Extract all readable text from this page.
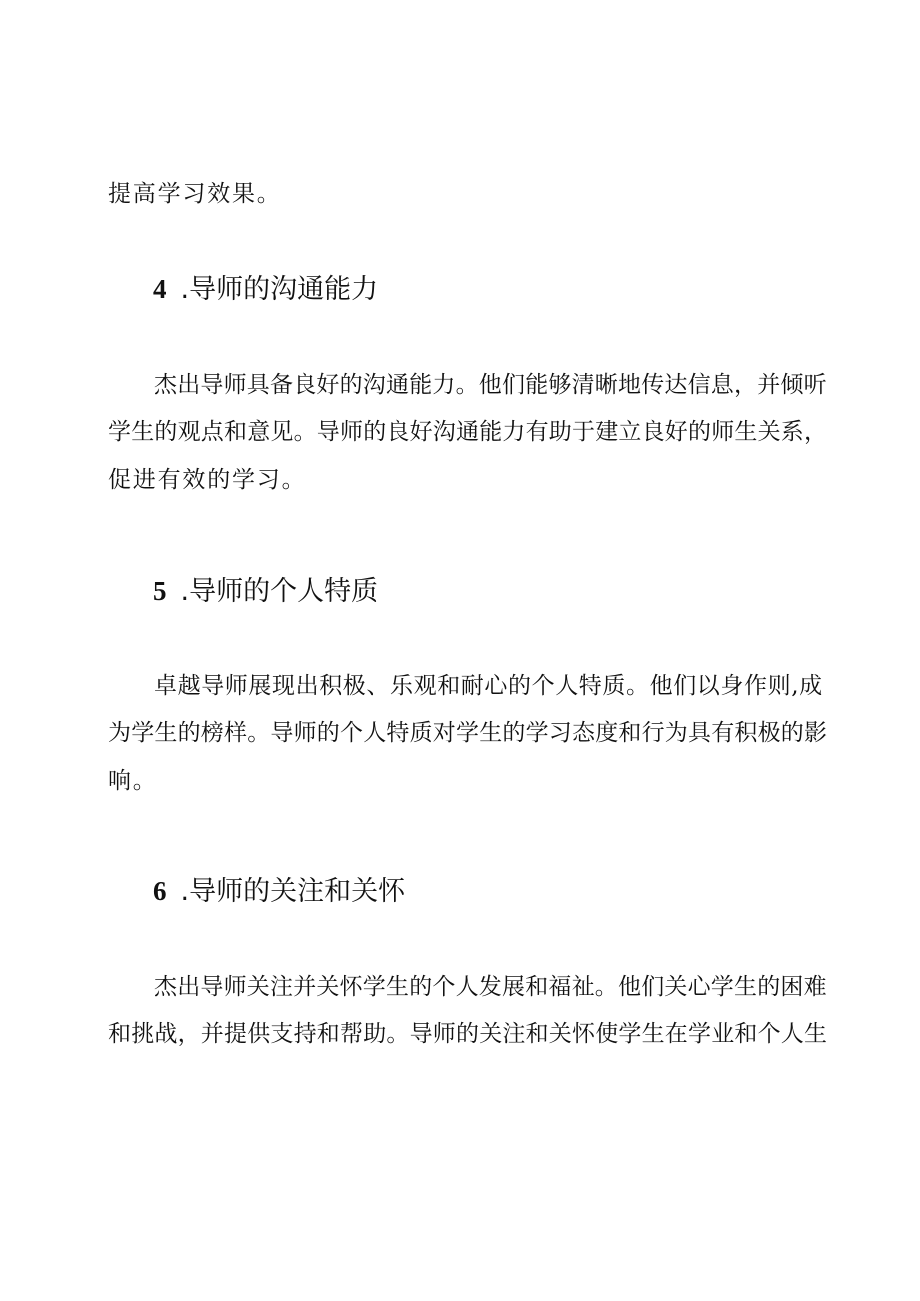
提高学习效果。
4 .导师的沟通能力
杰出导师具备良好的沟通能力。他们能够清晰地传达信息，并倾听
学生的观点和意见。导师的良好沟通能力有助于建立良好的师生关系，
促进有效的学习。
5 .导师的个人特质
卓越导师展现出积极、乐观和耐心的个人特质。他们以身作则,成
为学生的榜样。导师的个人特质对学生的学习态度和行为具有积极的影
响。
6 .导师的关注和关怀
杰出导师关注并关怀学生的个人发展和福祉。他们关心学生的困难
和挑战，并提供支持和帮助。导师的关注和关怀使学生在学业和个人生
